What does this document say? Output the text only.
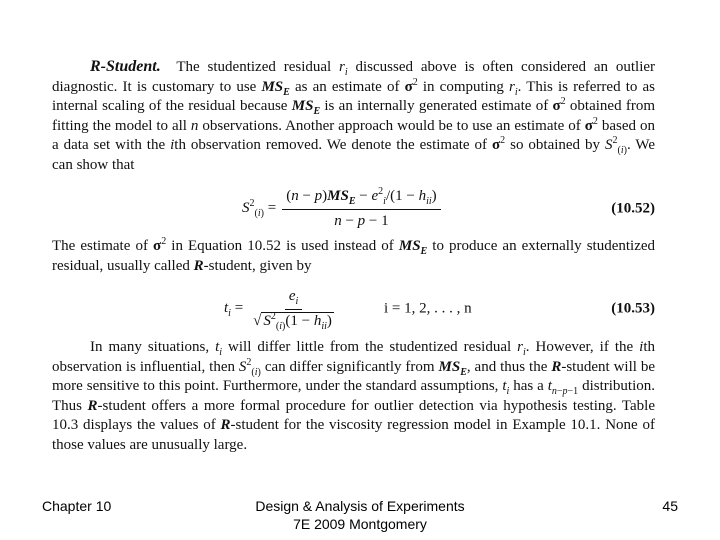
R-Student.  The studentized residual $r_i$ discussed above is often considered an outlier diagnostic. It is customary to use $MS_E$ as an estimate of $\sigma^2$ in computing $r_i$. This is referred to as internal scaling of the residual because $MS_E$ is an internally generated estimate of $\sigma^2$ obtained from fitting the model to all n observations. Another approach would be to use an estimate of $\sigma^2$ based on a data set with the ith observation removed. We denote the estimate of $\sigma^2$ so obtained by $S^2_{(i)}$. We can show that

$S^2_{(i)} = \frac{(n - p)MS_E - e^2_i/(1 - h_{ii})}{n - p - 1}$	(10.52)

The estimate of $\sigma^2$ in Equation 10.52 is used instead of $MS_E$ to produce an externally studentized residual, usually called R-student, given by

$t_i = \frac{e_i}{√ S^2_{(i)}(1 - h_{ii})}$	i = 1, 2, . . . , n	(10.53)

In many situations, $t_i$ will differ little from the studentized residual $r_i$. However, if the ith observation is influential, then $S^2_{(i)}$ can differ significantly from $MS_E$, and thus the R-student will be more sensitive to this point. Furthermore, under the standard assumptions, $t_i$ has a $t_{n-p-1}$ distribution. Thus R-student offers a more formal procedure for outlier detection via hypothesis testing. Table 10.3 displays the values of R-student for the viscosity regression model in Example 10.1. None of those values are unusually large.

Chapter 10	Design & Analysis of Experiments
7E 2009 Montgomery
45
